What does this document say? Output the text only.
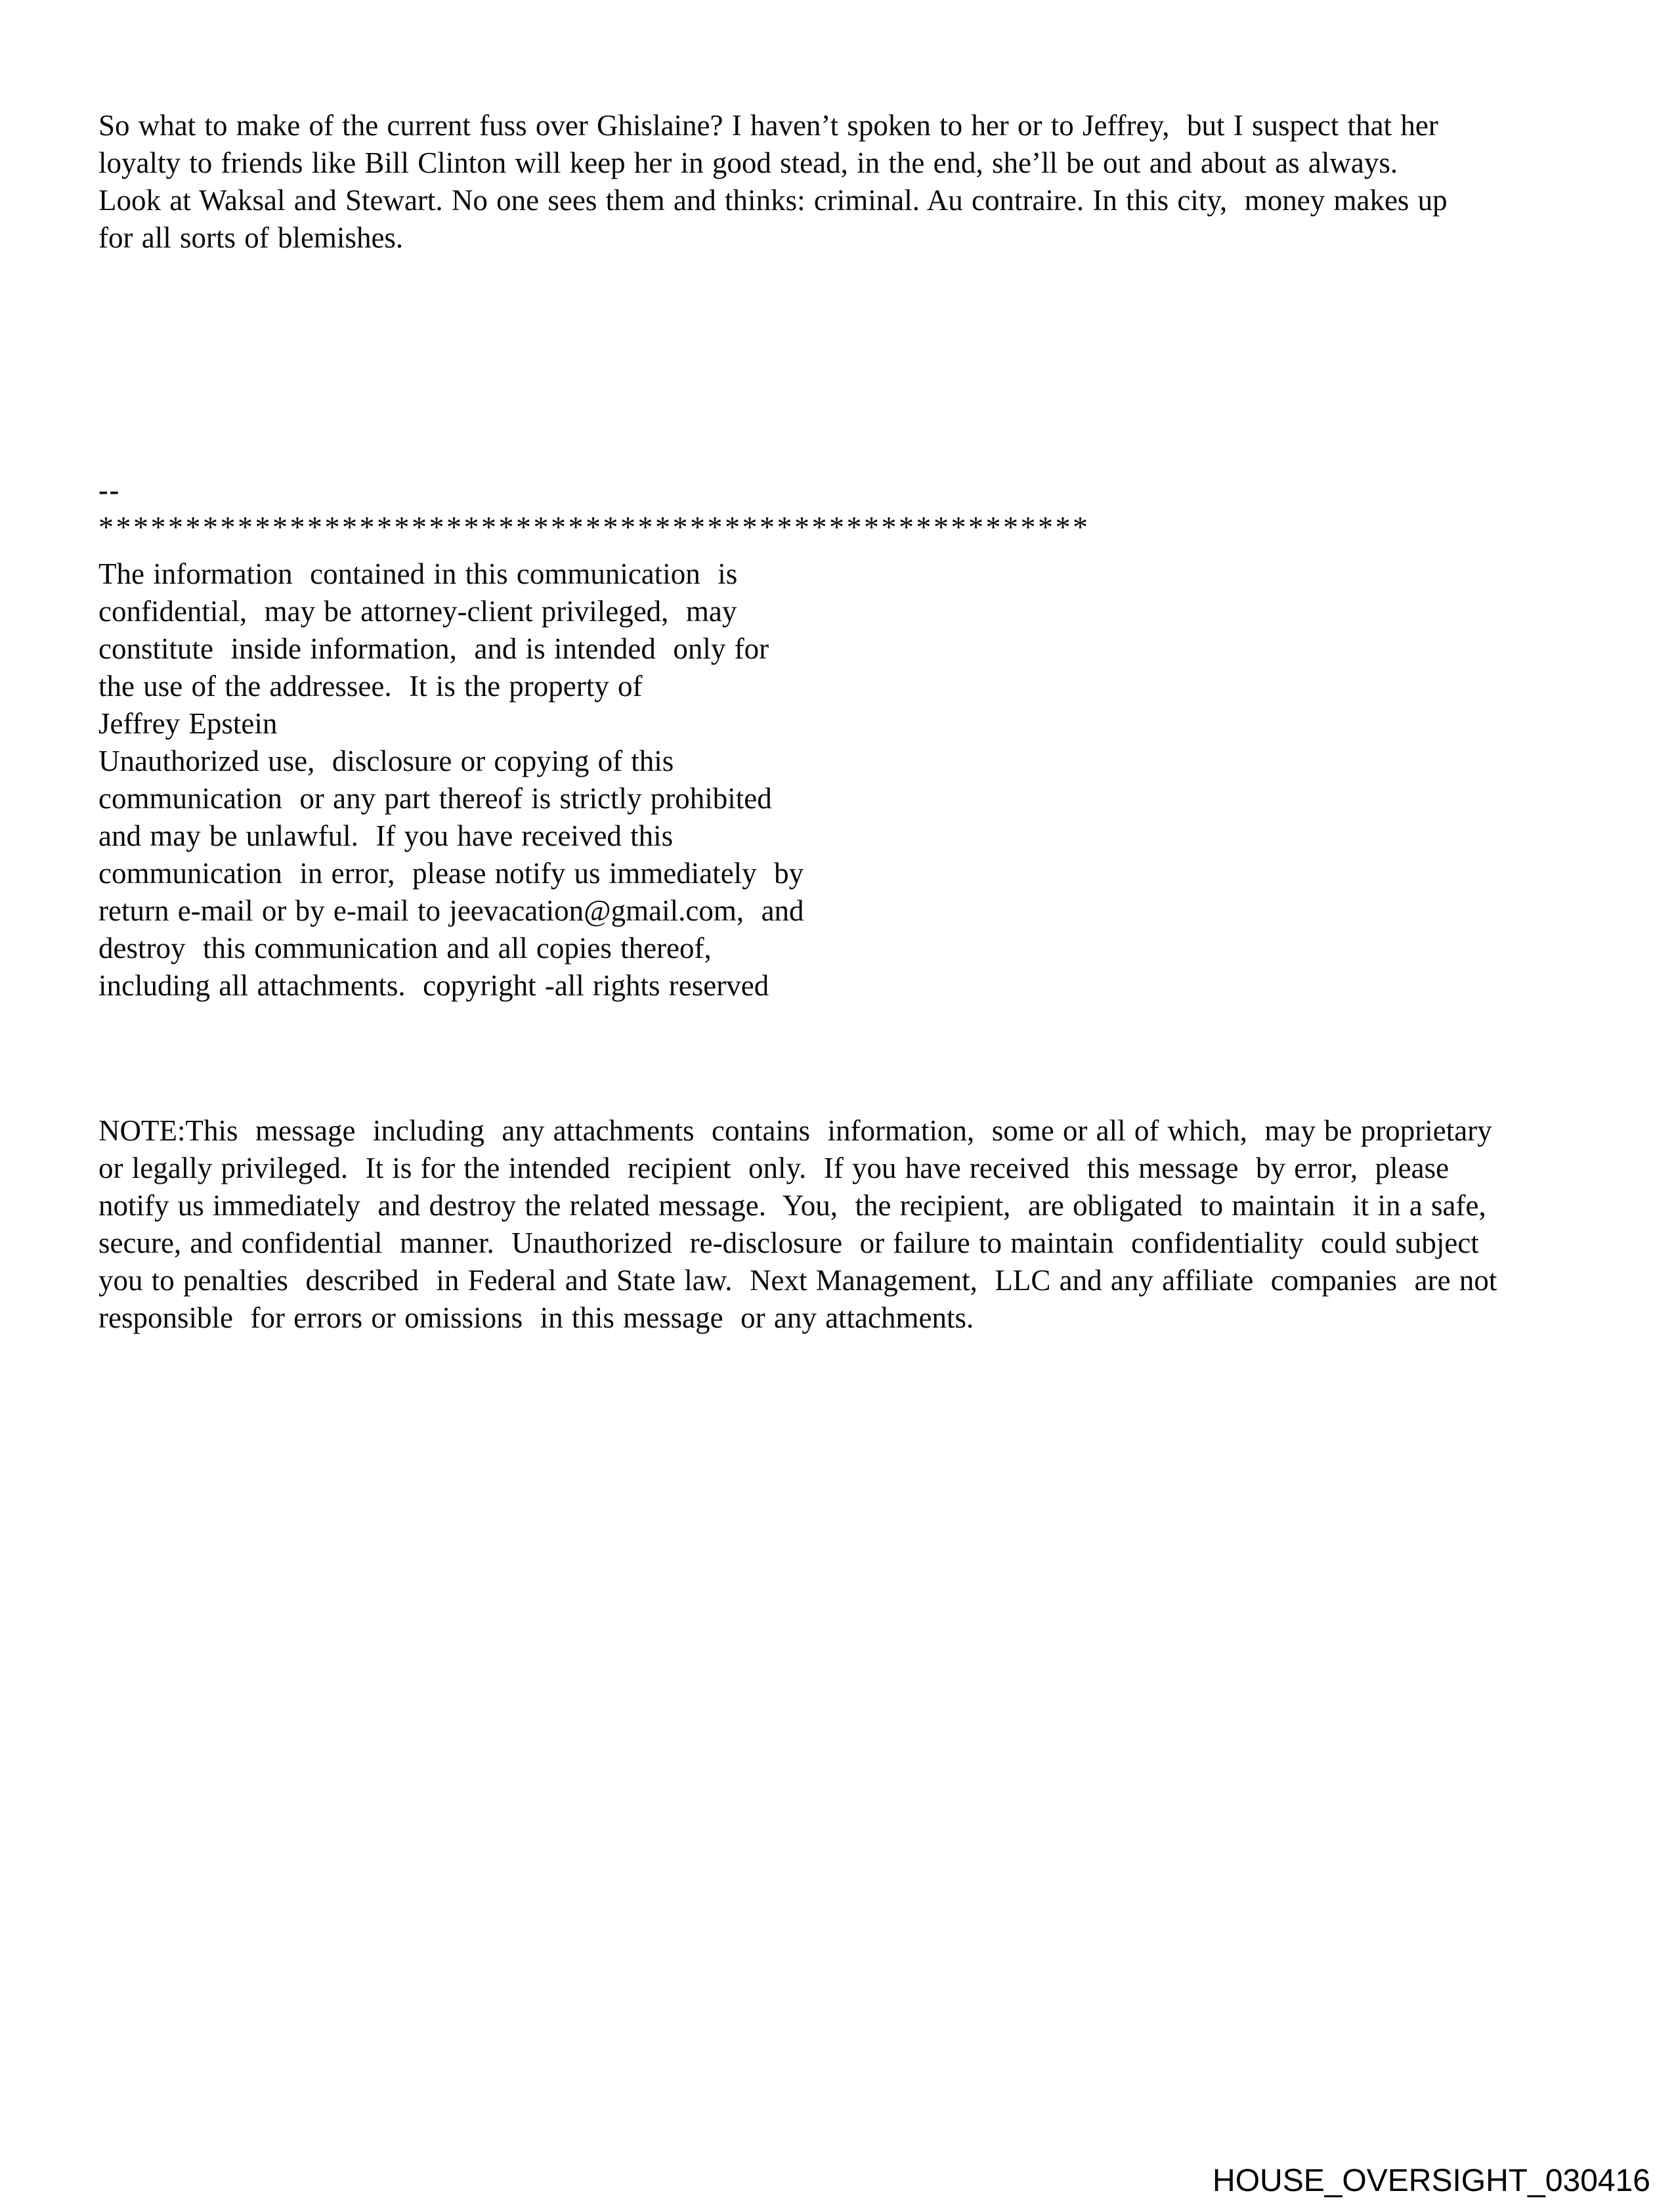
So what to make of the current fuss over Ghislaine? I haven’t spoken to her or to Jeffrey,  but I suspect that her
loyalty to friends like Bill Clinton will keep her in good stead, in the end, she’ll be out and about as always.
Look at Waksal and Stewart. No one sees them and thinks: criminal. Au contraire. In this city,  money makes up
for all sorts of blemishes.
--
*********************************************************
The information  contained in this communication  is
confidential,  may be attorney-client privileged,  may
constitute  inside information,  and is intended  only for
the use of the addressee.  It is the property of
Jeffrey Epstein
Unauthorized use,  disclosure or copying of this
communication  or any part thereof is strictly prohibited
and may be unlawful.  If you have received this
communication  in error,  please notify us immediately  by
return e-mail or by e-mail to jeevacation@gmail.com,  and
destroy  this communication and all copies thereof,
including all attachments.  copyright -all rights reserved
NOTE:This  message  including  any attachments  contains  information,  some or all of which,  may be proprietary
or legally privileged.  It is for the intended  recipient  only.  If you have received  this message  by error,  please
notify us immediately  and destroy the related message.  You,  the recipient,  are obligated  to maintain  it in a safe,
secure, and confidential  manner.  Unauthorized  re-disclosure  or failure to maintain  confidentiality  could subject
you to penalties  described  in Federal and State law.  Next Management,  LLC and any affiliate  companies  are not
responsible  for errors or omissions  in this message  or any attachments.
HOUSE_OVERSIGHT_030416
